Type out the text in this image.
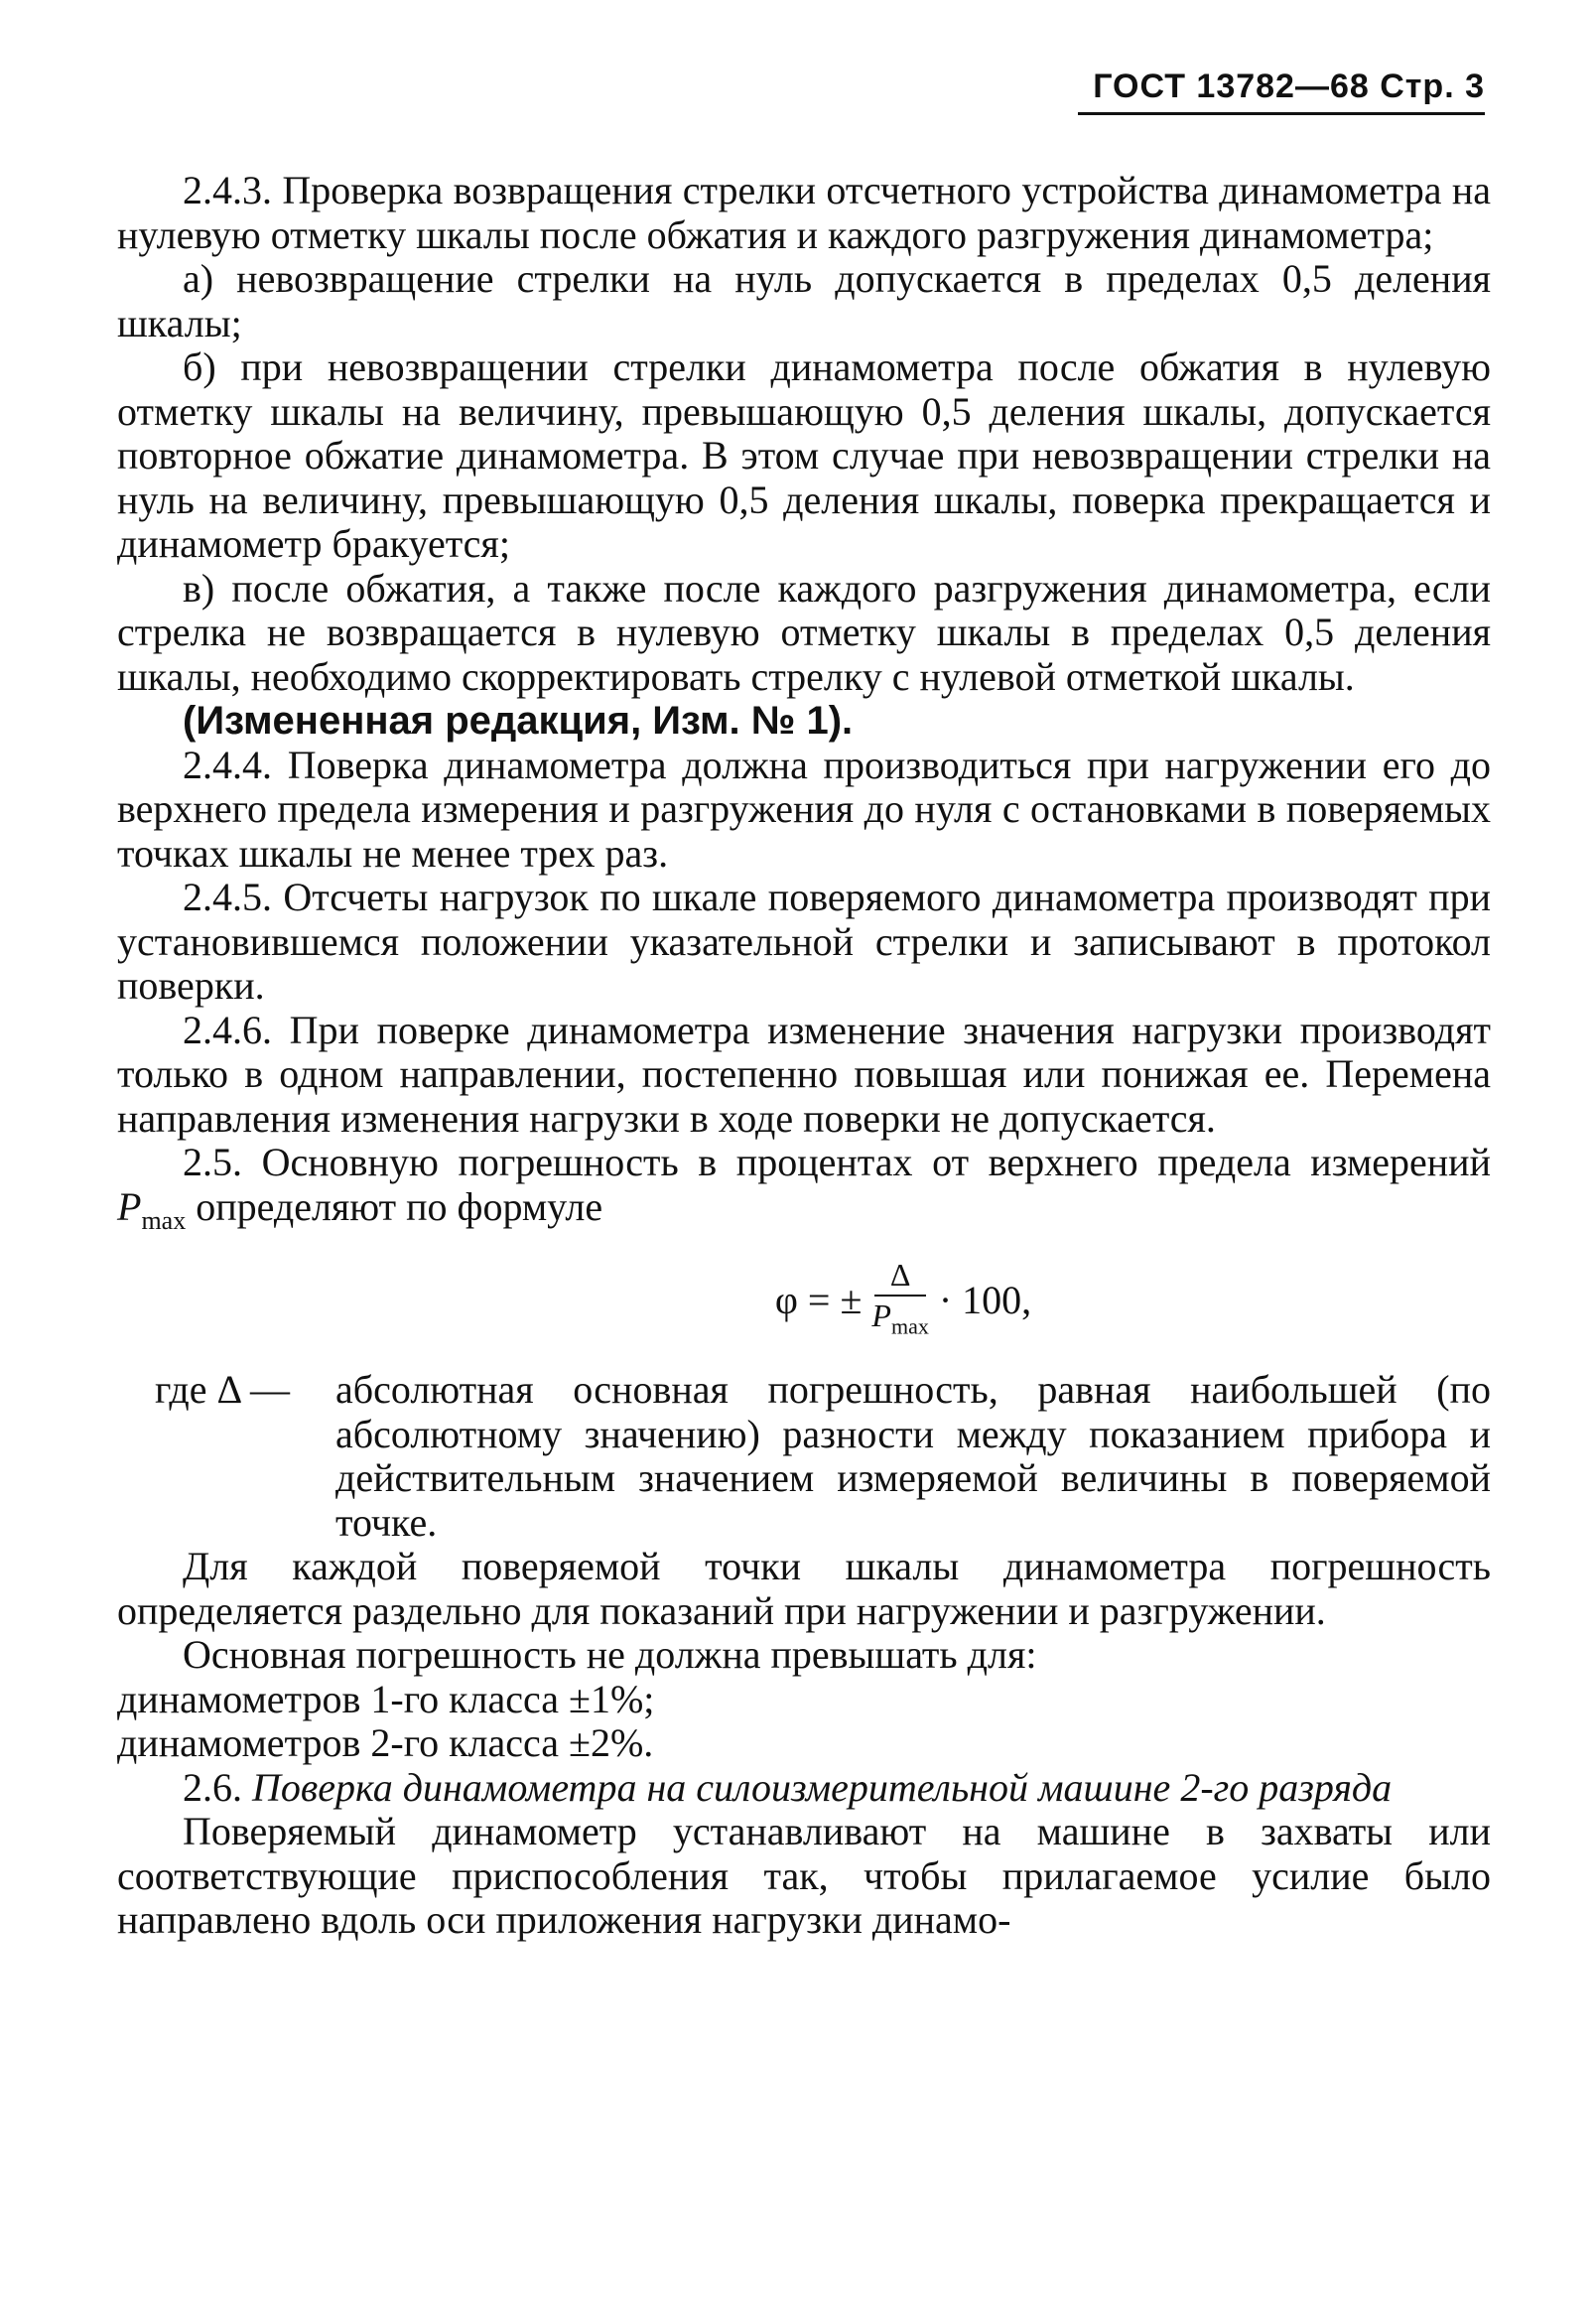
ГОСТ 13782—68 Стр. 3

2.4.3. Проверка возвращения стрелки отсчетного устройства динамометра на нулевую отметку шкалы после обжатия и каждого разгружения динамометра;

а) невозвращение стрелки на нуль допускается в пределах 0,5 деления шкалы;

б) при невозвращении стрелки динамометра после обжатия в нулевую отметку шкалы на величину, превышающую 0,5 деления шкалы, допускается повторное обжатие динамометра. В этом случае при невозвращении стрелки на нуль на величину, превышающую 0,5 деления шкалы, поверка прекращается и динамометр бракуется;

в) после обжатия, а также после каждого разгружения динамометра, если стрелка не возвращается в нулевую отметку шкалы в пределах 0,5 деления шкалы, необходимо скорректировать стрелку с нулевой отметкой шкалы.

(Измененная редакция, Изм. № 1).

2.4.4. Поверка динамометра должна производиться при нагружении его до верхнего предела измерения и разгружения до нуля с остановками в поверяемых точках шкалы не менее трех раз.

2.4.5. Отсчеты нагрузок по шкале поверяемого динамометра производят при установившемся положении указательной стрелки и записывают в протокол поверки.

2.4.6. При поверке динамометра изменение значения нагрузки производят только в одном направлении, постепенно повышая или понижая ее. Перемена направления изменения нагрузки в ходе поверки не допускается.

2.5. Основную погрешность в процентах от верхнего предела измерений $P_{max}$ определяют по формуле

φ = ± $\frac{\Delta}{P_{max}} \cdot 100$,
где Δ —	абсолютная основная погрешность, равная наибольшей (по абсолютному значению) разности между показанием прибора и действительным значением измеряемой величины в поверяемой точке.

Для каждой поверяемой точки шкалы динамометра погрешность определяется раздельно для показаний при нагружении и разгружении.

Основная погрешность не должна превышать для:

динамометров 1-го класса ±1%;

динамометров 2-го класса ±2%.

2.6. Поверка динамометра на силоизмерительной машине 2-го разряда

Поверяемый динамометр устанавливают на машине в захваты или соответствующие приспособления так, чтобы прилагаемое усилие было направлено вдоль оси приложения нагрузки динамо-
